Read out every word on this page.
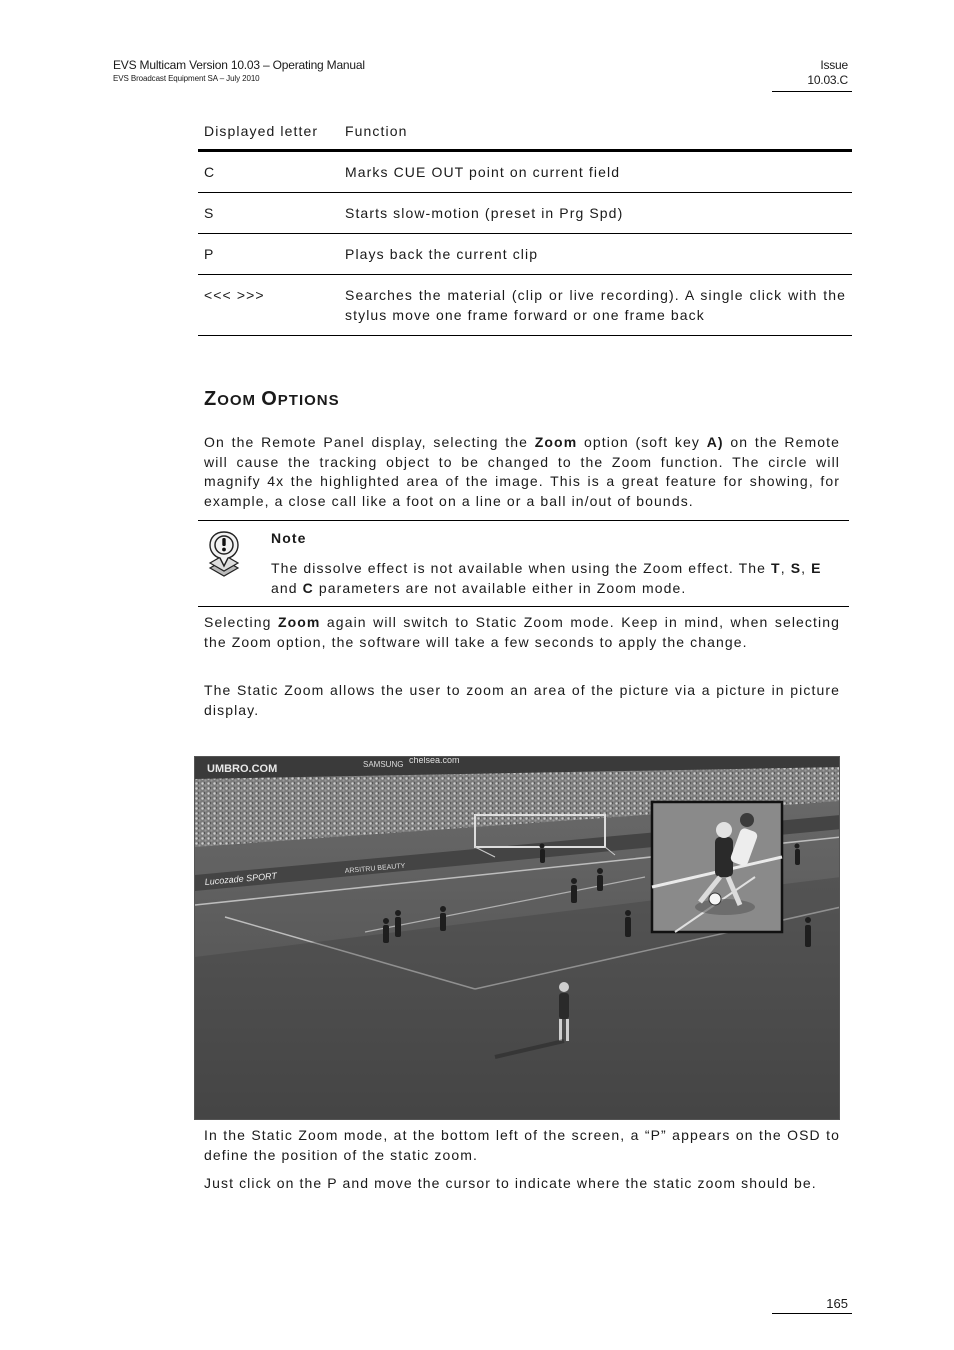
EVS Multicam Version 10.03 – Operating Manual
EVS Broadcast Equipment SA – July 2010
Issue
10.03.C
Displayed letter	Function
C	Marks CUE OUT point on current field
S	Starts slow-motion (preset in Prg Spd)
P	Plays back the current clip
<<< >>>	Searches the material (clip or live recording). A single click with the stylus move one frame forward or one frame back
ZOOM OPTIONS
On the Remote Panel display, selecting the Zoom option (soft key A) on the Remote will cause the tracking object to be changed to the Zoom function. The circle will magnify 4x the highlighted area of the image. This is a great feature for showing, for example, a close call like a foot on a line or a ball in/out of bounds.
Note
The dissolve effect is not available when using the Zoom effect. The T, S, E and C parameters are not available either in Zoom mode.
Selecting Zoom again will switch to Static Zoom mode. Keep in mind, when selecting the Zoom option, the software will take a few seconds to apply the change.
The Static Zoom allows the user to zoom an area of the picture via a picture in picture display.
UMBRO.COM	SAMSUNG chelsea.com
Lucozade SPORT
ARSITRU BEAUTY
In the Static Zoom mode, at the bottom left of the screen, a “P” appears on the OSD to define the position of the static zoom.
Just click on the P and move the cursor to indicate where the static zoom should be.
165
